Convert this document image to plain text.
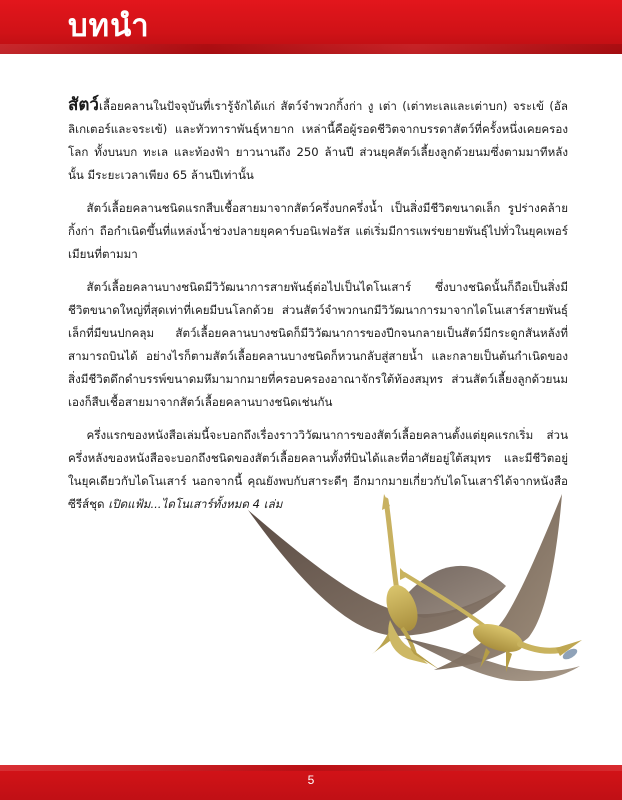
บทนำ

สัตว์เลื้อยคลานในปัจจุบันที่เรารู้จักได้แก่ สัตว์จำพวกกิ้งก่า งู เต่า (เต่าทะเลและเต่าบก) จระเข้ (อัลลิเกเตอร์และจระเข้) และทัวทาราพันธุ์หายาก เหล่านี้คือผู้รอดชีวิตจากบรรดาสัตว์ที่ครั้งหนึ่งเคยครองโลก ทั้งบนบก ทะเล และท้องฟ้า ยาวนานถึง 250 ล้านปี ส่วนยุคสัตว์เลี้ยงลูกด้วยนมซึ่งตามมาทีหลังนั้น มีระยะเวลาเพียง 65 ล้านปีเท่านั้น

สัตว์เลื้อยคลานชนิดแรกสืบเชื้อสายมาจากสัตว์ครึ่งบกครึ่งน้ำ เป็นสิ่งมีชีวิตขนาดเล็ก รูปร่างคล้ายกิ้งก่า ถือกำเนิดขึ้นที่แหล่งน้ำช่วงปลายยุคคาร์บอนิเฟอรัส แต่เริ่มมีการแพร่ขยายพันธุ์ไปทั่วในยุคเพอร์เมียนที่ตามมา

สัตว์เลื้อยคลานบางชนิดมีวิวัฒนาการสายพันธุ์ต่อไปเป็นไดโนเสาร์ ซึ่งบางชนิดนั้นก็ถือเป็นสิ่งมีชีวิตขนาดใหญ่ที่สุดเท่าที่เคยมีบนโลกด้วย ส่วนสัตว์จำพวกนกมีวิวัฒนาการมาจากไดโนเสาร์สายพันธุ์เล็กที่มีขนปกคลุม สัตว์เลื้อยคลานบางชนิดก็มีวิวัฒนาการของปีกจนกลายเป็นสัตว์มีกระดูกสันหลังที่สามารถบินได้ อย่างไรก็ตามสัตว์เลื้อยคลานบางชนิดก็หวนกลับสู่สายน้ำ และกลายเป็นต้นกำเนิดของสิ่งมีชีวิตดึกดำบรรพ์ขนาดมหึมามากมายที่ครอบครองอาณาจักรใต้ท้องสมุทร ส่วนสัตว์เลี้ยงลูกด้วยนมเองก็สืบเชื้อสายมาจากสัตว์เลื้อยคลานบางชนิดเช่นกัน

ครึ่งแรกของหนังสือเล่มนี้จะบอกถึงเรื่องราววิวัฒนาการของสัตว์เลื้อยคลานตั้งแต่ยุคแรกเริ่ม ส่วนครึ่งหลังของหนังสือจะบอกถึงชนิดของสัตว์เลื้อยคลานทั้งที่บินได้และที่อาศัยอยู่ใต้สมุทร และมีชีวิตอยู่ในยุคเดียวกับไดโนเสาร์ นอกจากนี้ คุณยังพบกับสาระดีๆ อีกมากมายเกี่ยวกับไดโนเสาร์ได้จากหนังสือซีรีส์ชุด เปิดแฟ้ม...ไดโนเสาร์ทั้งหมด 4 เล่ม

5
